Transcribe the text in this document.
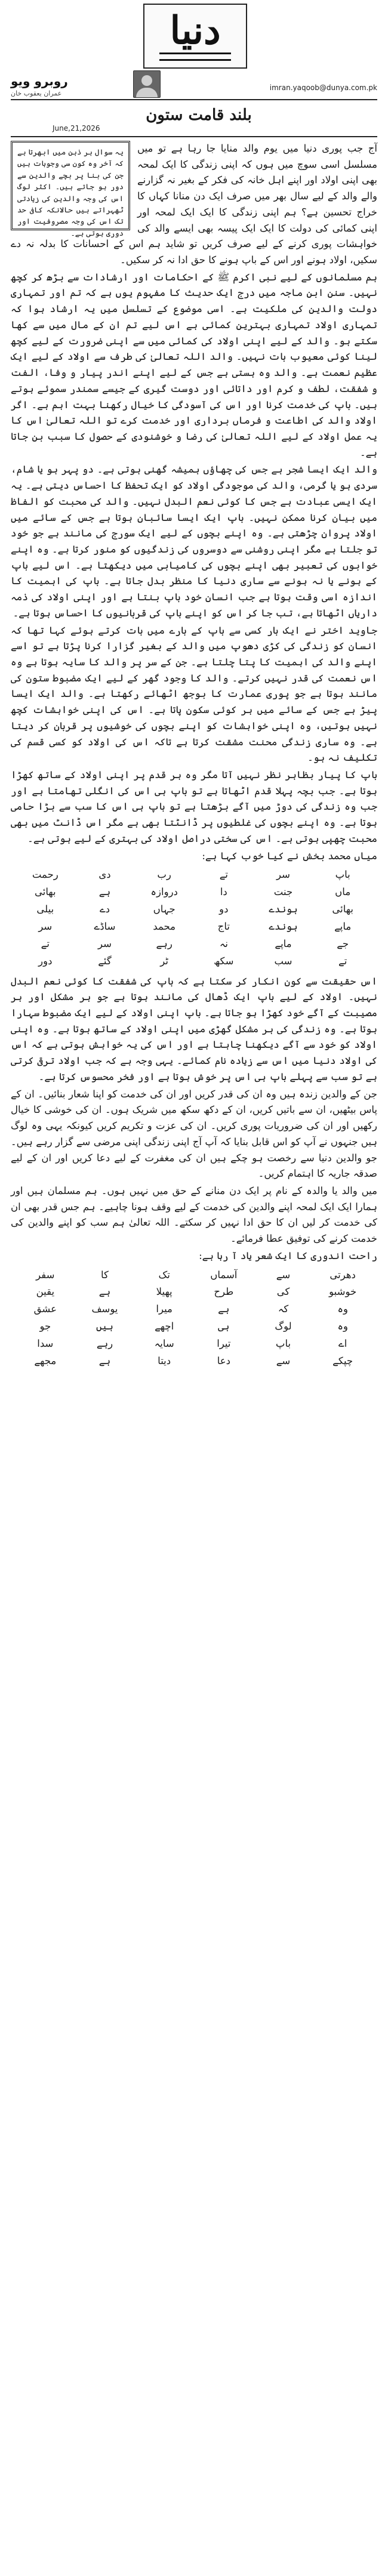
دنیا
روبرو ویو
عمران یعقوب خان
imran.yaqoob@dunya.com.pk
بلند قامت ستون
June,21,2026
یہ سوال ہر ذہن میں ابھرتا ہے کہ آخر وہ کون سی وجوہات ہیں جن کی بنا پر بچے والدین سے دور ہو جاتے ہیں۔ اکثر لوگ اس کی وجہ والدین کی زیادتی ٹھہراتے ہیں حالانکہ کافی حد تک اس کی وجہ مصروفیت اور دوری ہوتی ہے۔

آج جب پوری دنیا میں یوم والد منایا جا رہا ہے تو میں مسلسل اسی سوچ میں ہوں کہ اپنی زندگی کا ایک لمحہ بھی اپنی اولاد اور اپنے اہل خانہ کی فکر کے بغیر نہ گزارنے والے والد کے لیے سال بھر میں صرف ایک دن منانا کہاں کا خراج تحسین ہے؟ ہم اپنی زندگی کا ایک ایک لمحہ اور اپنی کمائی کی دولت کا ایک ایک پیسہ بھی ایسے والد کی خواہشات پوری کرنے کے لیے صرف کریں تو شاید ہم اس کے احسانات کا بدلہ نہ دے سکیں، اولاد ہونے اور اس کے باپ ہونے کا حق ادا نہ کر سکیں۔

ہم مسلمانوں کے لیے نبی اکرم ﷺ کے احکامات اور ارشادات سے بڑھ کر کچھ نہیں۔ سنن ابن ماجہ میں درج ایک حدیث کا مفہوم یوں ہے کہ تم اور تمہاری دولت والدین کی ملکیت ہے۔ اسی موضوع کے تسلسل میں یہ ارشاد ہوا کہ تمہاری اولاد تمہاری بہترین کمائی ہے اس لیے تم ان کے مال میں سے کھا سکتے ہو۔ والد کے لیے اپنی اولاد کی کمائی میں سے اپنی ضرورت کے لیے کچھ لینا کوئی معیوب بات نہیں۔ والد اللہ تعالیٰ کی طرف سے اولاد کے لیے ایک عظیم نعمت ہے۔ والد وہ ہستی ہے جس کے لیے اپنے اندر پیار و وفا، الفت و شفقت، لطف و کرم اور داتائی اور دوست گیری کے جیسے سمندر سموئے ہوتے ہیں۔ باپ کی خدمت کرنا اور اس کی آسودگی کا خیال رکھنا بہت اہم ہے۔ اگر اولاد والد کی اطاعت و فرماں برداری اور خدمت کرے تو اللہ تعالیٰ اس کا یہ عمل اولاد کے لیے اللہ تعالیٰ کی رضا و خوشنودی کے حصول کا سبب بن جاتا ہے۔

والد ایک ایسا شجر ہے جس کی چھاؤں ہمیشہ گھنی ہوتی ہے۔ دو پہر ہو یا شام، سردی ہو یا گرمی، والد کی موجودگی اولاد کو ایک تحفظ کا احساس دیتی ہے۔ یہ ایک ایسی عبادت ہے جس کا کوئی نعم البدل نہیں۔ والد کی محبت کو الفاظ میں بیان کرنا ممکن نہیں۔ باپ ایک ایسا سائبان ہوتا ہے جس کے سائے میں اولاد پروان چڑھتی ہے۔ وہ اپنے بچوں کے لیے ایک سورج کی مانند ہے جو خود تو جلتا ہے مگر اپنی روشنی سے دوسروں کی زندگیوں کو منور کرتا ہے۔ وہ اپنے خوابوں کی تعبیر بھی اپنے بچوں کی کامیابی میں دیکھتا ہے۔ اس لیے باپ کے ہونے یا نہ ہونے سے ساری دنیا کا منظر بدل جاتا ہے۔ باپ کی اہمیت کا اندازہ اسی وقت ہوتا ہے جب انسان خود باپ بنتا ہے اور اپنی اولاد کی ذمہ داریاں اٹھاتا ہے، تب جا کر اس کو اپنے باپ کی قربانیوں کا احساس ہوتا ہے۔

جاوید اختر نے ایک بار کسی سے باپ کے بارے میں بات کرتے ہوئے کہا تھا کہ انسان کو زندگی کی کڑی دھوپ میں والد کے بغیر گزارا کرنا پڑتا ہے تو اسے اپنے والد کی اہمیت کا پتا چلتا ہے۔ جن کے سر پر والد کا سایہ ہوتا ہے وہ اس نعمت کی قدر نہیں کرتے۔ والد کا وجود گھر کے لیے ایک مضبوط ستون کی مانند ہوتا ہے جو پوری عمارت کا بوجھ اٹھائے رکھتا ہے۔ والد ایک ایسا پیڑ ہے جس کے سائے میں ہر کوئی سکون پاتا ہے۔ اس کی اپنی خواہشات کچھ نہیں ہوتیں، وہ اپنی خواہشات کو اپنے بچوں کی خوشیوں پر قربان کر دیتا ہے۔ وہ ساری زندگی محنت مشقت کرتا ہے تاکہ اس کی اولاد کو کسی قسم کی تکلیف نہ ہو۔

باپ کا پیار بظاہر نظر نہیں آتا مگر وہ ہر قدم پر اپنی اولاد کے ساتھ کھڑا ہوتا ہے۔ جب بچہ پہلا قدم اٹھاتا ہے تو باپ ہی اس کی انگلی تھامتا ہے اور جب وہ زندگی کی دوڑ میں آگے بڑھتا ہے تو باپ ہی اس کا سب سے بڑا حامی ہوتا ہے۔ وہ اپنے بچوں کی غلطیوں پر ڈانٹتا بھی ہے مگر اس ڈانٹ میں بھی محبت چھپی ہوتی ہے۔ اس کی سختی دراصل اولاد کی بہتری کے لیے ہوتی ہے۔

میاں محمد بخش نے کیا خوب کہا ہے:

باپ
سر
تے
رب
دی
رحمت
ماں
جنت
دا
دروازہ
ہے
بھائی
بھائی
ہوندے
دو
جہاں
دے
بیلی
ماپے
ہوندے
تاج
محمد
ساڈے
سر
جے
ماپے
نہ
رہے
سر
تے
تے
سب
سکھ
ٹر
گئے
دور

اس حقیقت سے کون انکار کر سکتا ہے کہ باپ کی شفقت کا کوئی نعم البدل نہیں۔ اولاد کے لیے باپ ایک ڈھال کی مانند ہوتا ہے جو ہر مشکل اور ہر مصیبت کے آگے خود کھڑا ہو جاتا ہے۔ باپ اپنی اولاد کے لیے ایک مضبوط سہارا ہوتا ہے۔ وہ زندگی کی ہر مشکل گھڑی میں اپنی اولاد کے ساتھ ہوتا ہے۔ وہ اپنی اولاد کو خود سے آگے دیکھنا چاہتا ہے اور اس کی یہ خواہش ہوتی ہے کہ اس کی اولاد دنیا میں اس سے زیادہ نام کمائے۔ یہی وجہ ہے کہ جب اولاد ترقی کرتی ہے تو سب سے پہلے باپ ہی اس پر خوش ہوتا ہے اور فخر محسوس کرتا ہے۔

جن کے والدین زندہ ہیں وہ ان کی قدر کریں اور ان کی خدمت کو اپنا شعار بنائیں۔ ان کے پاس بیٹھیں، ان سے باتیں کریں، ان کے دکھ سکھ میں شریک ہوں۔ ان کی خوشی کا خیال رکھیں اور ان کی ضروریات پوری کریں۔ ان کی عزت و تکریم کریں کیونکہ یہی وہ لوگ ہیں جنہوں نے آپ کو اس قابل بنایا کہ آپ آج اپنی زندگی اپنی مرضی سے گزار رہے ہیں۔ جو والدین دنیا سے رخصت ہو چکے ہیں ان کی مغفرت کے لیے دعا کریں اور ان کے لیے صدقہ جاریہ کا اہتمام کریں۔

میں والد یا والدہ کے نام پر ایک دن منانے کے حق میں نہیں ہوں۔ ہم مسلمان ہیں اور ہمارا ایک ایک لمحہ اپنے والدین کی خدمت کے لیے وقف ہونا چاہیے۔ ہم جس قدر بھی ان کی خدمت کر لیں ان کا حق ادا نہیں کر سکتے۔ اللہ تعالیٰ ہم سب کو اپنے والدین کی خدمت کرنے کی توفیق عطا فرمائے۔

راحت اندوری کا ایک شعر یاد آ رہا ہے:

دھرتی
سے
آسماں
تک
کا
سفر
خوشبو
کی
طرح
پھیلا
ہے
یقین
وہ
کہ
ہے
میرا
یوسف
عشق
وہ
لوگ
ہی
اچھے
ہیں
جو
اے
باپ
تیرا
سایہ
رہے
سدا
چپکے
سے
دعا
دیتا
ہے
مجھے
